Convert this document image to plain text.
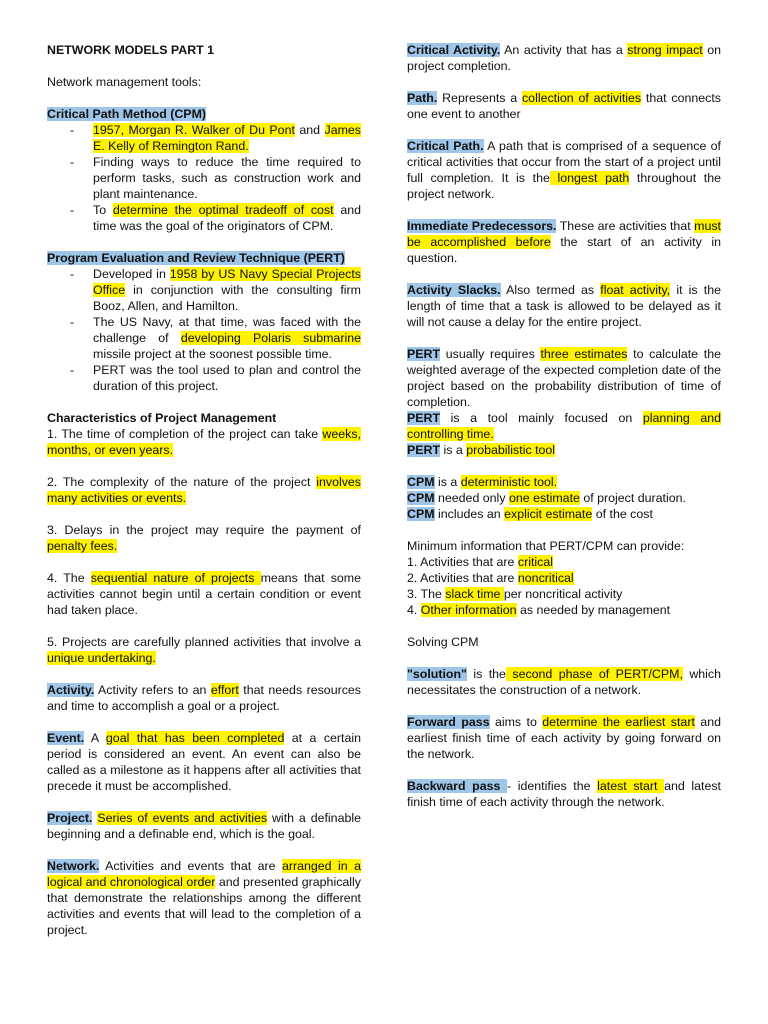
NETWORK MODELS PART 1

Network management tools:

Critical Path Method (CPM)

- 1957, Morgan R. Walker of Du Pont and James E. Kelly of Remington Rand.
- Finding ways to reduce the time required to perform tasks, such as construction work and plant maintenance.
- To determine the optimal tradeoff of cost and time was the goal of the originators of CPM.

Program Evaluation and Review Technique (PERT)

- Developed in 1958 by US Navy Special Projects Office in conjunction with the consulting firm Booz, Allen, and Hamilton.
- The US Navy, at that time, was faced with the challenge of developing Polaris submarine missile project at the soonest possible time.
- PERT was the tool used to plan and control the duration of this project.

Characteristics of Project Management

1. The time of completion of the project can take weeks, months, or even years.

2. The complexity of the nature of the project involves many activities or events.

3. Delays in the project may require the payment of penalty fees.

4. The sequential nature of projects means that some activities cannot begin until a certain condition or event had taken place.

5. Projects are carefully planned activities that involve a unique undertaking.

Activity. Activity refers to an effort that needs resources and time to accomplish a goal or a project.

Event. A goal that has been completed at a certain period is considered an event. An event can also be called as a milestone as it happens after all activities that precede it must be accomplished.

Project. Series of events and activities with a definable beginning and a definable end, which is the goal.

Network. Activities and events that are arranged in a logical and chronological order and presented graphically that demonstrate the relationships among the different activities and events that will lead to the completion of a project.

Critical Activity. An activity that has a strong impact on project completion.

Path. Represents a collection of activities that connects one event to another

Critical Path. A path that is comprised of a sequence of critical activities that occur from the start of a project until full completion. It is the longest path throughout the project network.

Immediate Predecessors. These are activities that must be accomplished before the start of an activity in question.

Activity Slacks. Also termed as float activity, it is the length of time that a task is allowed to be delayed as it will not cause a delay for the entire project.

PERT usually requires three estimates to calculate the weighted average of the expected completion date of the project based on the probability distribution of time of completion.

PERT is a tool mainly focused on planning and controlling time.

PERT is a probabilistic tool

CPM is a deterministic tool.

CPM needed only one estimate of project duration.

CPM includes an explicit estimate of the cost

Minimum information that PERT/CPM can provide:

1. Activities that are critical

2. Activities that are noncritical

3. The slack time per noncritical activity

4. Other information as needed by management

Solving CPM

"solution" is the second phase of PERT/CPM, which necessitates the construction of a network.

Forward pass aims to determine the earliest start and earliest finish time of each activity by going forward on the network.

Backward pass - identifies the latest start and latest finish time of each activity through the network.
